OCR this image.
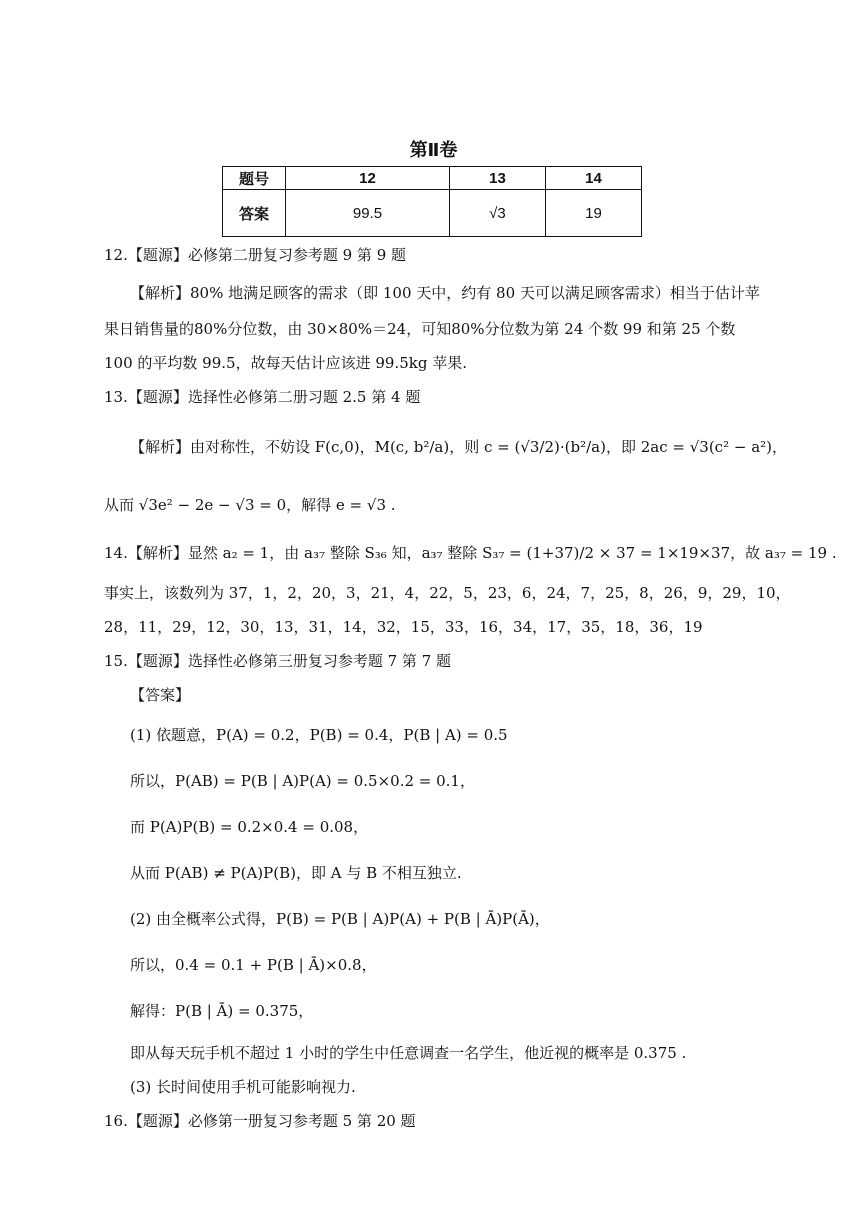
第Ⅱ卷
题号	12	13	14
答案	99.5	√3	19
12.【题源】必修第二册复习参考题 9 第 9 题
【解析】80% 地满足顾客的需求（即 100 天中，约有 80 天可以满足顾客需求）相当于估计苹
果日销售量的80%分位数，由 30×80%＝24，可知80%分位数为第 24 个数 99 和第 25 个数
100 的平均数 99.5，故每天估计应该进 99.5kg 苹果.
13.【题源】选择性必修第二册习题 2.5 第 4 题
【解析】由对称性，不妨设 F(c,0)，M(c, b²/a)，则 c = (√3/2)·(b²/a)，即 2ac = √3(c² − a²)，
从而 √3e² − 2e − √3 = 0，解得 e = √3 .
14.【解析】显然 a₂ = 1，由 a₃₇ 整除 S₃₆ 知，a₃₇ 整除 S₃₇ = (1+37)/2 × 37 = 1×19×37，故 a₃₇ = 19 .
事实上，该数列为 37，1，2，20，3，21，4，22，5，23，6，24，7，25，8，26，9，29，10，
28，11，29，12，30，13，31，14，32，15，33，16，34，17，35，18，36，19
15.【题源】选择性必修第三册复习参考题 7 第 7 题
【答案】
(1) 依题意，P(A) = 0.2，P(B) = 0.4，P(B | A) = 0.5
所以，P(AB) = P(B | A)P(A) = 0.5×0.2 = 0.1，
而 P(A)P(B) = 0.2×0.4 = 0.08，
从而 P(AB) ≠ P(A)P(B)，即 A 与 B 不相互独立.
(2) 由全概率公式得，P(B) = P(B | A)P(A) + P(B | Ā)P(Ā)，
所以，0.4 = 0.1 + P(B | Ā)×0.8，
解得：P(B | Ā) = 0.375，
即从每天玩手机不超过 1 小时的学生中任意调查一名学生，他近视的概率是 0.375 .
(3) 长时间使用手机可能影响视力.
16.【题源】必修第一册复习参考题 5 第 20 题
